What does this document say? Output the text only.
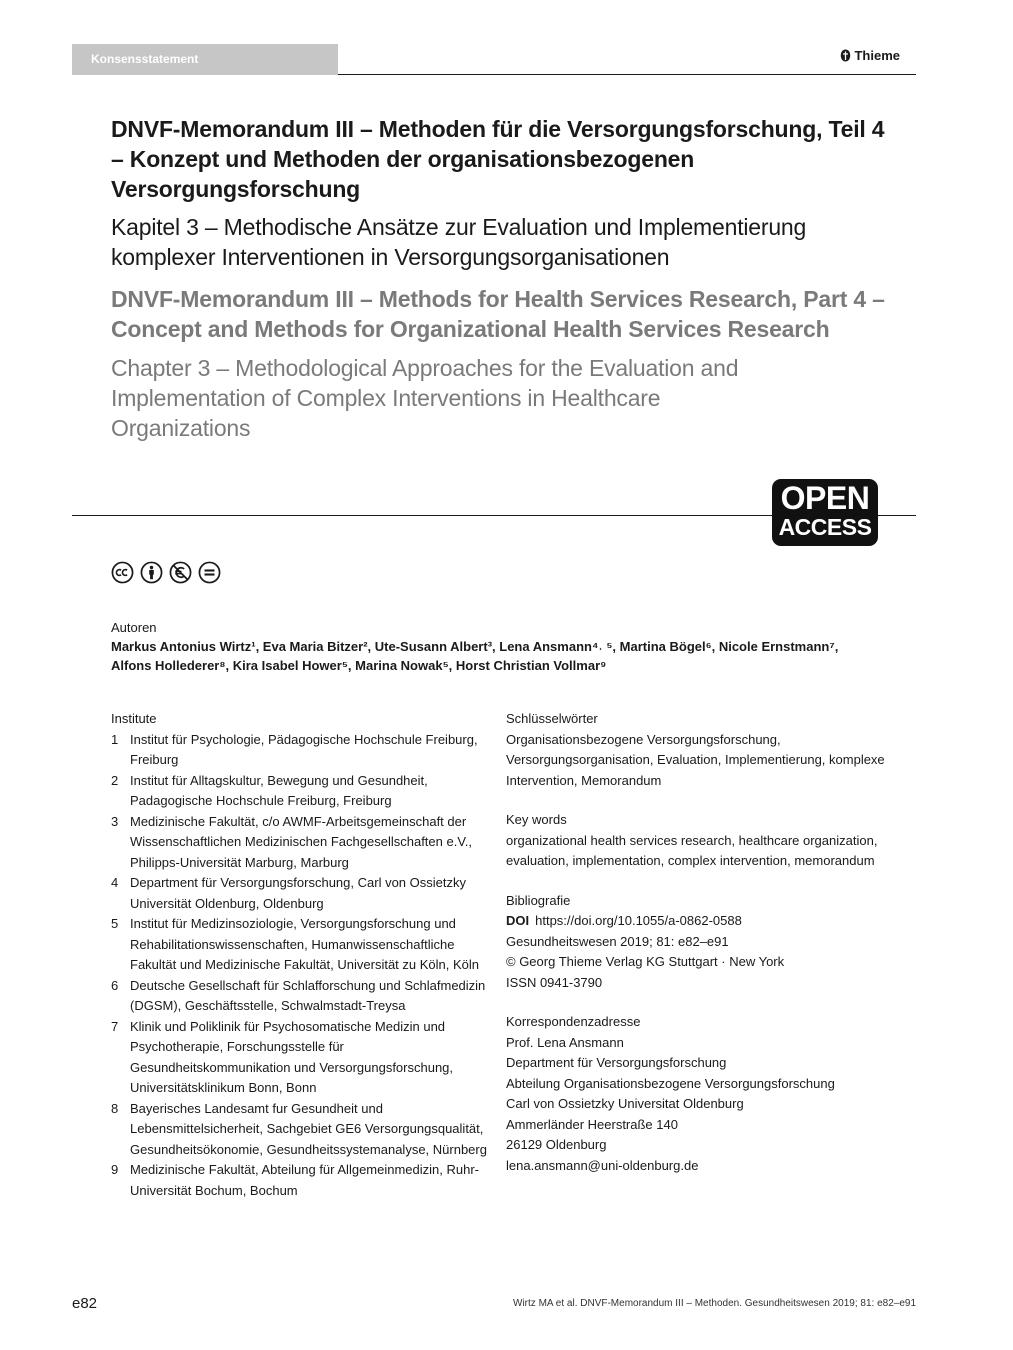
Konsensstatement	Thieme
DNVF-Memorandum III – Methoden für die Versorgungsforschung, Teil 4 – Konzept und Methoden der organisationsbezogenen Versorgungsforschung

Kapitel 3 – Methodische Ansätze zur Evaluation und Implementierung komplexer Interventionen in Versorgungsorganisationen

DNVF-Memorandum III – Methods for Health Services Research, Part 4 – Concept and Methods for Organizational Health Services Research

Chapter 3 – Methodological Approaches for the Evaluation and Implementation of Complex Interventions in Healthcare Organizations

OPEN
ACCESS
Autoren
Markus Antonius Wirtz¹, Eva Maria Bitzer², Ute-Susann Albert³, Lena Ansmann⁴˒ ⁵, Martina Bögel⁶, Nicole Ernstmann⁷,
Alfons Hollederer⁸, Kira Isabel Hower⁵, Marina Nowak⁵, Horst Christian Vollmar⁹
Institute
1 Institut für Psychologie, Pädagogische Hochschule Freiburg, Freiburg
2 Institut für Alltagskultur, Bewegung und Gesundheit, Padagogische Hochschule Freiburg, Freiburg
3 Medizinische Fakultät, c/o AWMF-Arbeitsgemeinschaft der Wissenschaftlichen Medizinischen Fachgesellschaften e.V., Philipps-Universität Marburg, Marburg
4 Department für Versorgungsforschung, Carl von Ossietzky Universität Oldenburg, Oldenburg
5 Institut für Medizinsoziologie, Versorgungsforschung und Rehabilitationswissenschaften, Humanwissenschaftliche Fakultät und Medizinische Fakultät, Universität zu Köln, Köln
6 Deutsche Gesellschaft für Schlafforschung und Schlafmedizin (DGSM), Geschäftsstelle, Schwalmstadt-Treysa
7 Klinik und Poliklinik für Psychosomatische Medizin und Psychotherapie, Forschungsstelle für Gesundheitskommunikation und Versorgungsforschung, Universitätsklinikum Bonn, Bonn
8 Bayerisches Landesamt fur Gesundheit und Lebensmittelsicherheit, Sachgebiet GE6 Versorgungsqualität, Gesundheitsökonomie, Gesundheitssystemanalyse, Nürnberg
9 Medizinische Fakultät, Abteilung für Allgemeinmedizin, Ruhr-Universität Bochum, Bochum
Schlüsselwörter

Organisationsbezogene Versorgungsforschung, Versorgungsorganisation, Evaluation, Implementierung, komplexe Intervention, Memorandum

Key words

organizational health services research, healthcare organization, evaluation, implementation, complex intervention, memorandum

Bibliografie

DOI https://doi.org/10.1055/a-0862-0588

Gesundheitswesen 2019; 81: e82–e91

© Georg Thieme Verlag KG Stuttgart · New York

ISSN 0941-3790

Korrespondenzadresse

Prof. Lena Ansmann

Department für Versorgungsforschung

Abteilung Organisationsbezogene Versorgungsforschung

Carl von Ossietzky Universitat Oldenburg

Ammerländer Heerstraße 140

26129 Oldenburg

lena.ansmann@uni-oldenburg.de

e82	Wirtz MA et al. DNVF-Memorandum III – Methoden. Gesundheitswesen 2019; 81: e82–e91
